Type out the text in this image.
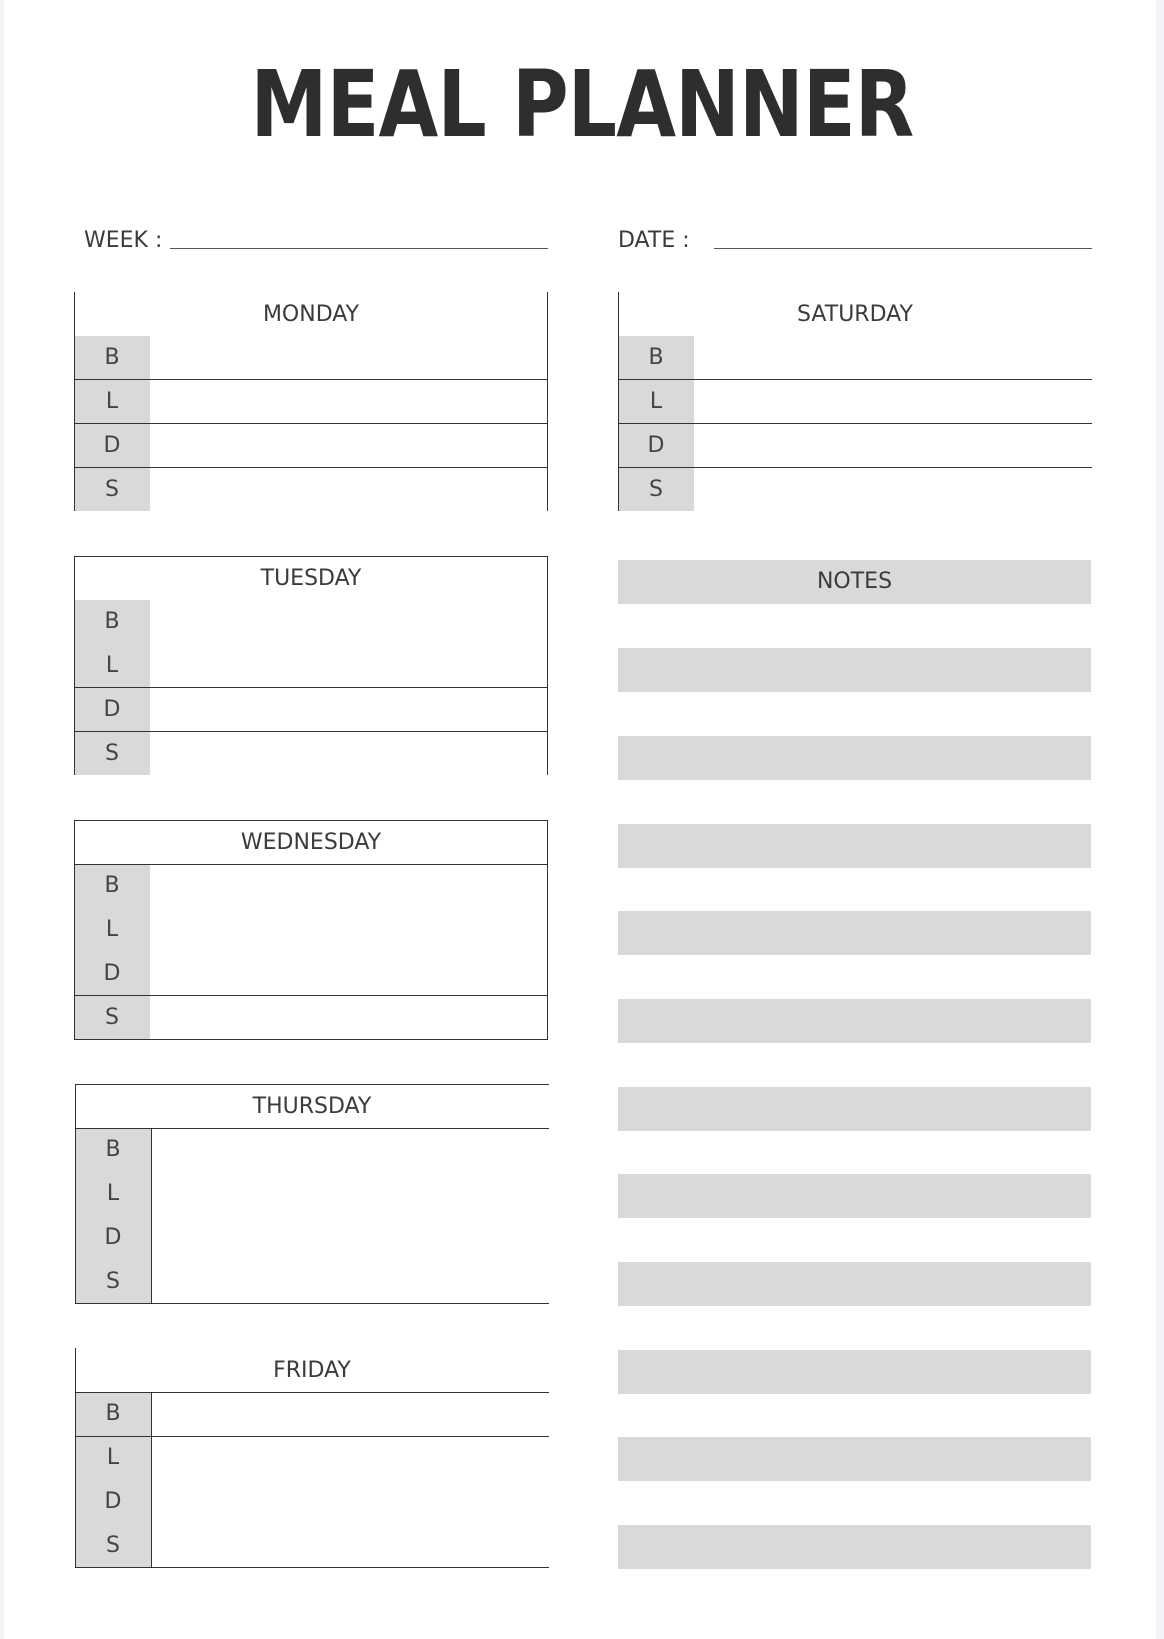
MEAL PLANNER
WEEK :	DATE :
MONDAY
B
L
D
S
SATURDAY
B
L
D
S
TUESDAY
B
L
D
S
WEDNESDAY
B
L
D
S
THURSDAY
B
L
D
S
FRIDAY
B
L
D
S
NOTES
